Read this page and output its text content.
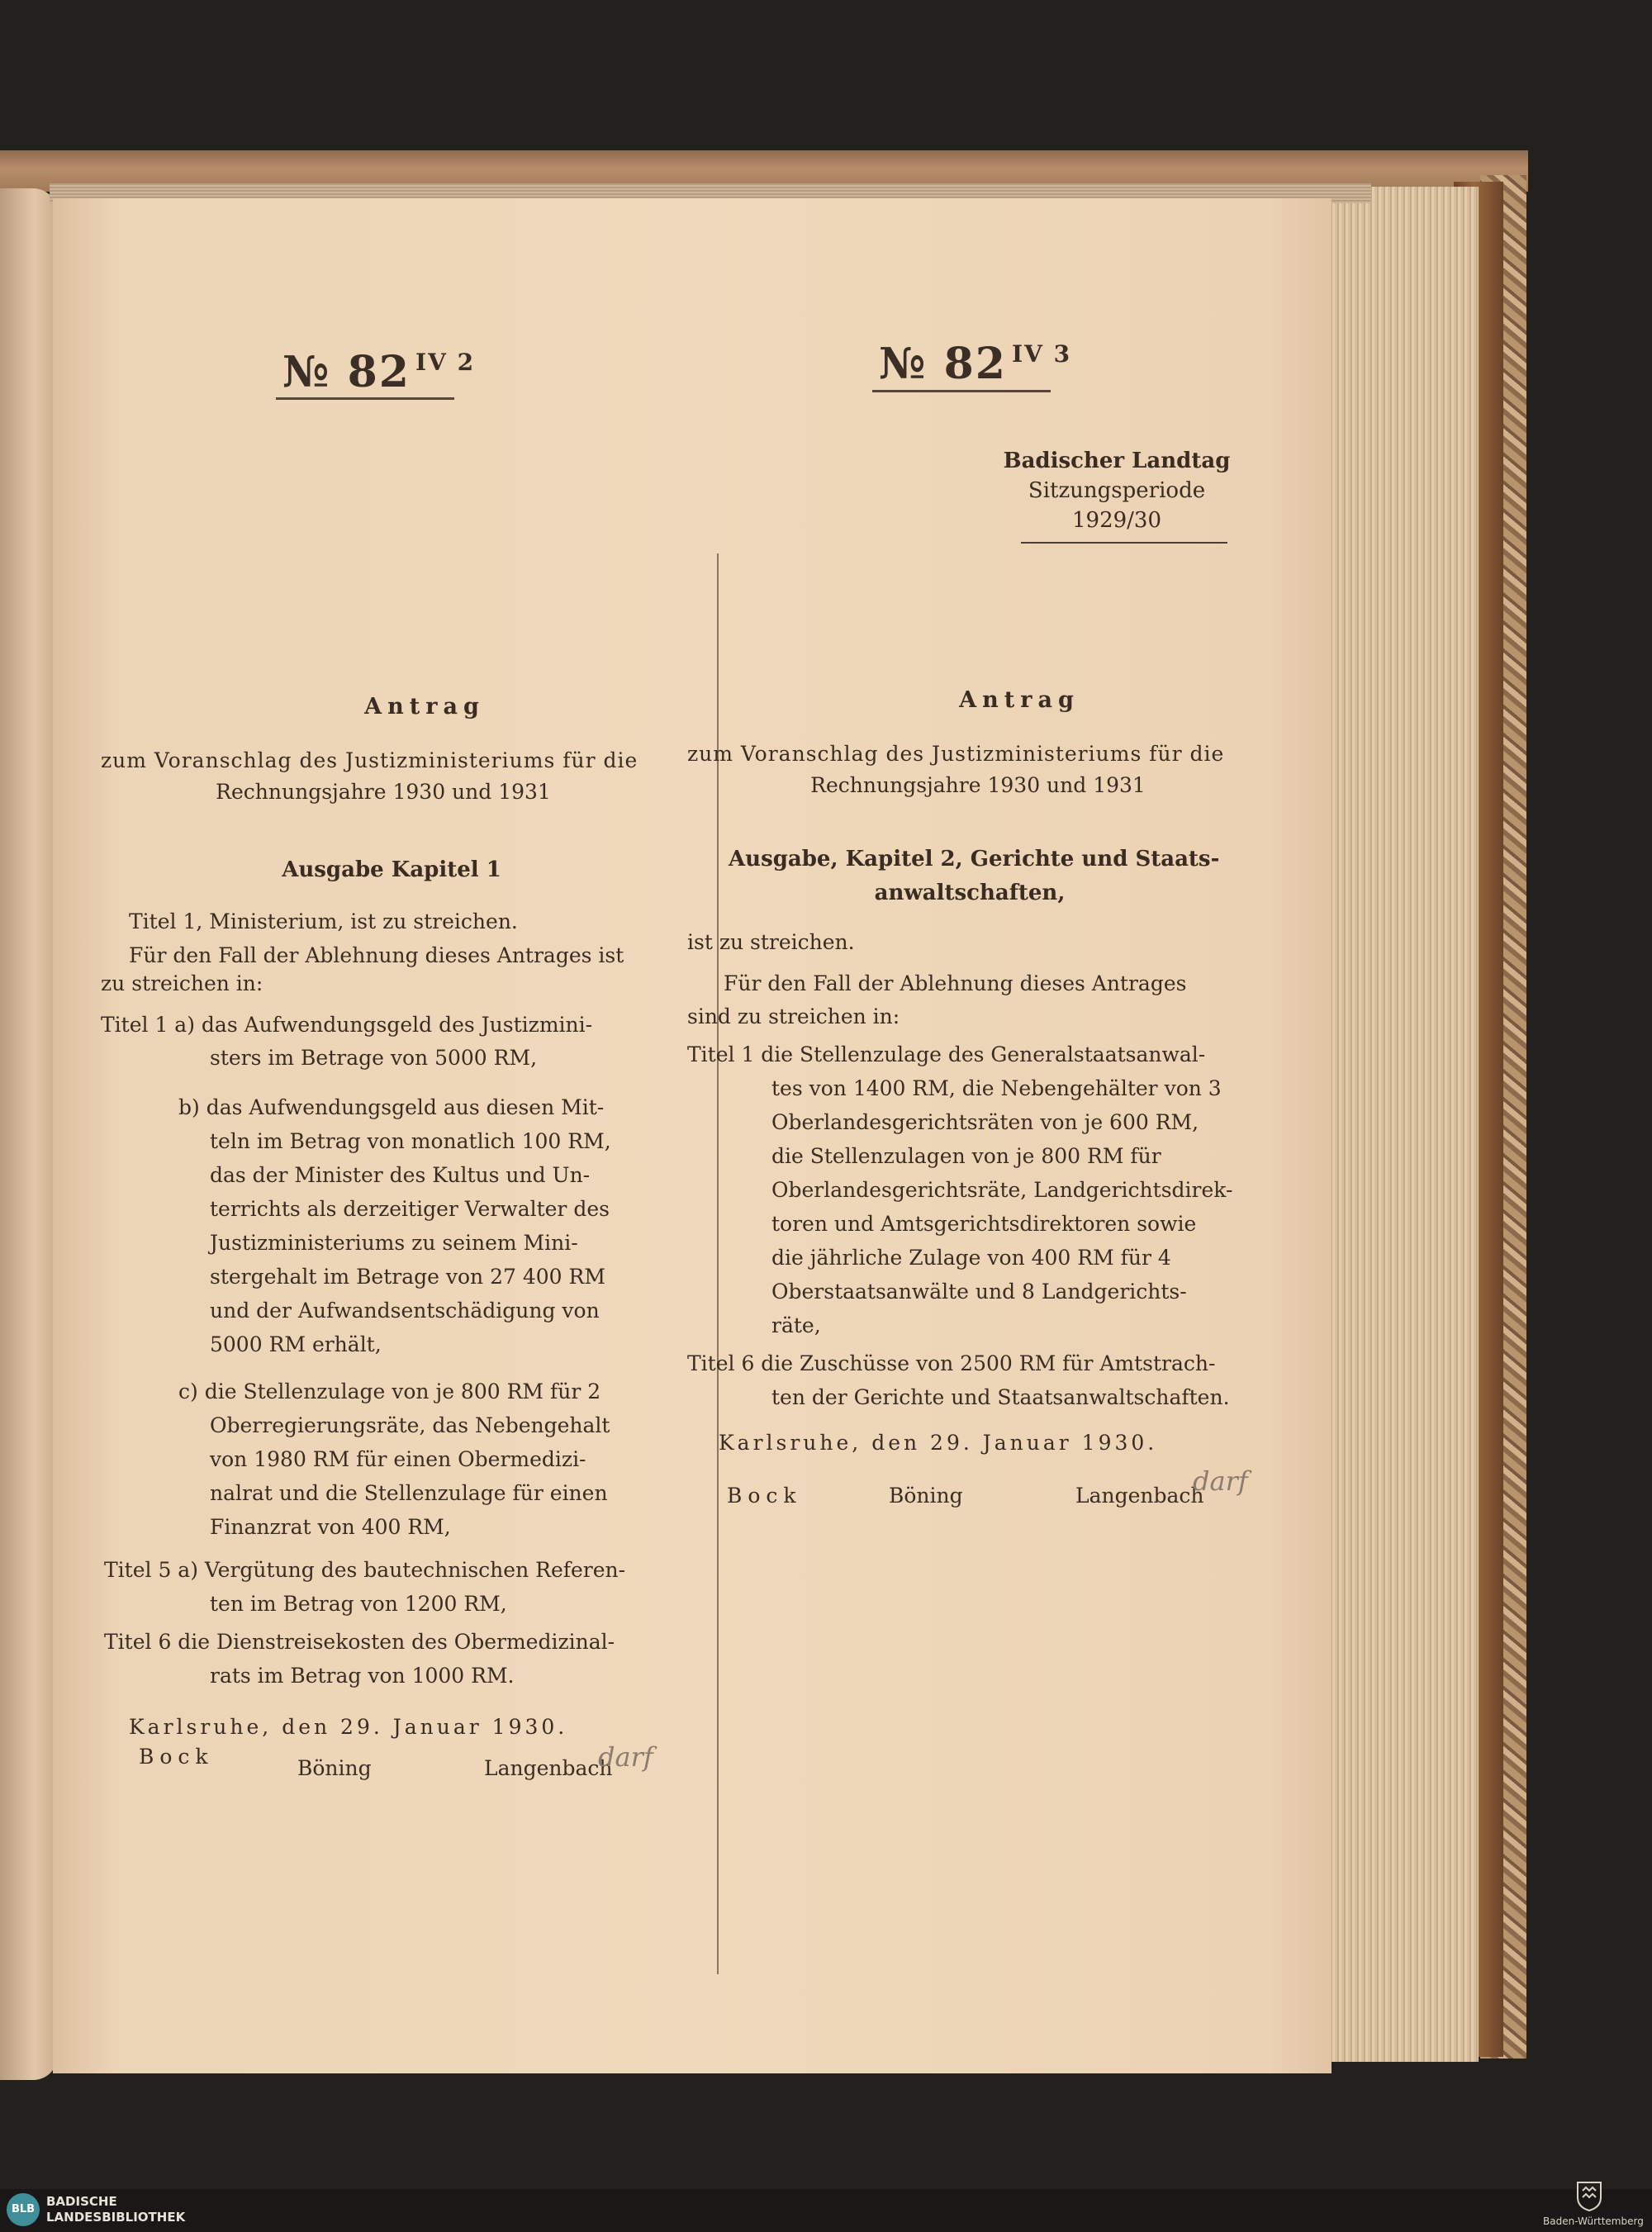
№ 82 IV 2
Antrag
zum Voranschlag des Justizministeriums für die
Rechnungsjahre 1930 und 1931
Ausgabe Kapitel 1
Titel 1, Ministerium, ist zu streichen.
Für den Fall der Ablehnung dieses Antrages ist
zu streichen in:
Titel 1 a) das Aufwendungsgeld des Justizmini-
sters im Betrage von 5000 RM,
b) das Aufwendungsgeld aus diesen Mit-
teln im Betrag von monatlich 100 RM,
das der Minister des Kultus und Un-
terrichts als derzeitiger Verwalter des
Justizministeriums zu seinem Mini-
stergehalt im Betrage von 27 400 RM
und der Aufwandsentschädigung von
5000 RM erhält,
c) die Stellenzulage von je 800 RM für 2
Oberregierungsräte, das Nebengehalt
von 1980 RM für einen Obermedizi-
nalrat und die Stellenzulage für einen
Finanzrat von 400 RM,
Titel 5 a) Vergütung des bautechnischen Referen-
ten im Betrag von 1200 RM,
Titel 6 die Dienstreisekosten des Obermedizinal-
rats im Betrag von 1000 RM.
Karlsruhe, den 29. Januar 1930.
Bock	Böning	Langenbach
darf
№ 82 IV 3
Antrag
zum Voranschlag des Justizministeriums für die
Rechnungsjahre 1930 und 1931
Ausgabe, Kapitel 2, Gerichte und Staats-
anwaltschaften,
ist zu streichen.
Für den Fall der Ablehnung dieses Antrages
sind zu streichen in:
Titel 1 die Stellenzulage des Generalstaatsanwal-
tes von 1400 RM, die Nebengehälter von 3
Oberlandesgerichtsräten von je 600 RM,
die Stellenzulagen von je 800 RM für
Oberlandesgerichtsräte, Landgerichtsdirek-
toren und Amtsgerichtsdirektoren sowie
die jährliche Zulage von 400 RM für 4
Oberstaatsanwälte und 8 Landgerichts-
räte,
Titel 6 die Zuschüsse von 2500 RM für Amtstrach-
ten der Gerichte und Staatsanwaltschaften.
Karlsruhe, den 29. Januar 1930.
Bock	Böning	Langenbach
darf
Badischer Landtag
Sitzungsperiode
1929/30
BLB
BADISCHE
LANDESBIBLIOTHEK	Baden-Württemberg
